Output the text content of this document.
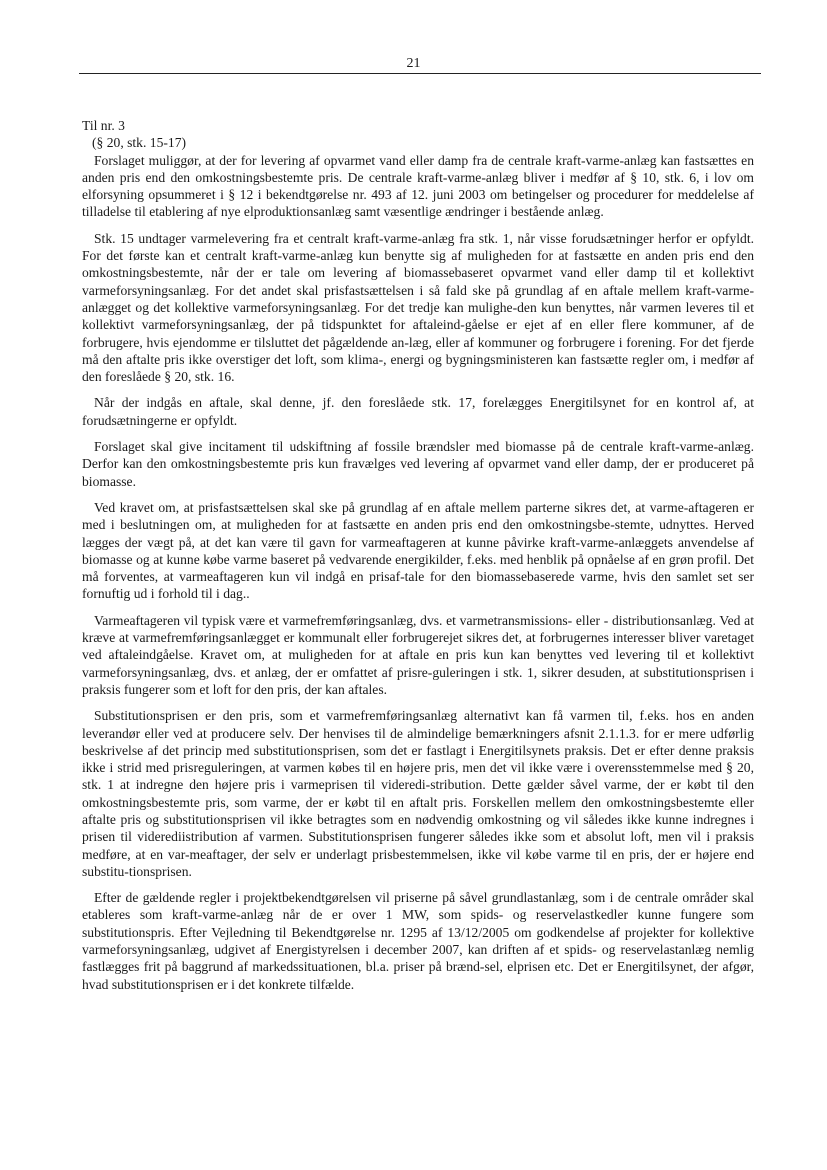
21
Til nr. 3
(§ 20, stk. 15-17)

Forslaget muliggør, at der for levering af opvarmet vand eller damp fra de centrale kraft-varme-anlæg kan fastsættes en anden pris end den omkostningsbestemte pris. De centrale kraft-varme-anlæg bliver i medfør af § 10, stk. 6, i lov om elforsyning opsummeret i § 12 i bekendtgørelse nr. 493 af 12. juni 2003 om betingelser og procedurer for meddelelse af tilladelse til etablering af nye elproduktionsanlæg samt væsentlige ændringer i bestående anlæg.

Stk. 15 undtager varmelevering fra et centralt kraft-varme-anlæg fra stk. 1, når visse forudsætninger herfor er opfyldt. For det første kan et centralt kraft-varme-anlæg kun benytte sig af muligheden for at fastsætte en anden pris end den omkostningsbestemte, når der er tale om levering af biomassebaseret opvarmet vand eller damp til et kollektivt varmeforsyningsanlæg. For det andet skal prisfastsættelsen i så fald ske på grundlag af en aftale mellem kraft-varme-anlægget og det kollektive varmeforsyningsanlæg. For det tredje kan mulighe-den kun benyttes, når varmen leveres til et kollektivt varmeforsyningsanlæg, der på tidspunktet for aftaleind-gåelse er ejet af en eller flere kommuner, af de forbrugere, hvis ejendomme er tilsluttet det pågældende an-læg, eller af kommuner og forbrugere i forening. For det fjerde må den aftalte pris ikke overstiger det loft, som klima-, energi og bygningsministeren kan fastsætte regler om, i medfør af den foreslåede § 20, stk. 16.

Når der indgås en aftale, skal denne, jf. den foreslåede stk. 17, forelægges Energitilsynet for en kontrol af, at forudsætningerne er opfyldt.

Forslaget skal give incitament til udskiftning af fossile brændsler med biomasse på de centrale kraft-varme-anlæg. Derfor kan den omkostningsbestemte pris kun fravælges ved levering af opvarmet vand eller damp, der er produceret på biomasse.

Ved kravet om, at prisfastsættelsen skal ske på grundlag af en aftale mellem parterne sikres det, at varme-aftageren er med i beslutningen om, at muligheden for at fastsætte en anden pris end den omkostningsbe-stemte, udnyttes. Herved lægges der vægt på, at det kan være til gavn for varmeaftageren at kunne påvirke kraft-varme-anlæggets anvendelse af biomasse og at kunne købe varme baseret på vedvarende energikilder, f.eks. med henblik på opnåelse af en grøn profil. Det må forventes, at varmeaftageren kun vil indgå en prisaf-tale for den biomassebaserede varme, hvis den samlet set ser fornuftig ud i forhold til i dag..

Varmeaftageren vil typisk være et varmefremføringsanlæg, dvs. et varmetransmissions- eller - distributionsanlæg. Ved at kræve at varmefremføringsanlægget er kommunalt eller forbrugerejet sikres det, at forbrugernes interesser bliver varetaget ved aftaleindgåelse. Kravet om, at muligheden for at aftale en pris kun kan benyttes ved levering til et kollektivt varmeforsyningsanlæg, dvs. et anlæg, der er omfattet af prisre-guleringen i stk. 1, sikrer desuden, at substitutionsprisen i praksis fungerer som et loft for den pris, der kan aftales.

Substitutionsprisen er den pris, som et varmefremføringsanlæg alternativt kan få varmen til, f.eks. hos en anden leverandør eller ved at producere selv. Der henvises til de almindelige bemærkningers afsnit 2.1.1.3. for er mere udførlig beskrivelse af det princip med substitutionsprisen, som det er fastlagt i Energitilsynets praksis. Det er efter denne praksis ikke i strid med prisreguleringen, at varmen købes til en højere pris, men det vil ikke være i overensstemmelse med § 20, stk. 1 at indregne den højere pris i varmeprisen til videredi-stribution. Dette gælder såvel varme, der er købt til den omkostningsbestemte pris, som varme, der er købt til en aftalt pris. Forskellen mellem den omkostningsbestemte eller aftalte pris og substitutionsprisen vil ikke betragtes som en nødvendig omkostning og vil således ikke kunne indregnes i prisen til viderediistribution af varmen. Substitutionsprisen fungerer således ikke som et absolut loft, men vil i praksis medføre, at en var-meaftager, der selv er underlagt prisbestemmelsen, ikke vil købe varme til en pris, der er højere end substitu-tionsprisen.

Efter de gældende regler i projektbekendtgørelsen vil priserne på såvel grundlastanlæg, som i de centrale områder skal etableres som kraft-varme-anlæg når de er over 1 MW, som spids- og reservelastkedler kunne fungere som substitutionspris. Efter Vejledning til Bekendtgørelse nr. 1295 af 13/12/2005 om godkendelse af projekter for kollektive varmeforsyningsanlæg, udgivet af Energistyrelsen i december 2007, kan driften af et spids- og reservelastanlæg nemlig fastlægges frit på baggrund af markedssituationen, bl.a. priser på brænd-sel, elprisen etc. Det er Energitilsynet, der afgør, hvad substitutionsprisen er i det konkrete tilfælde.
